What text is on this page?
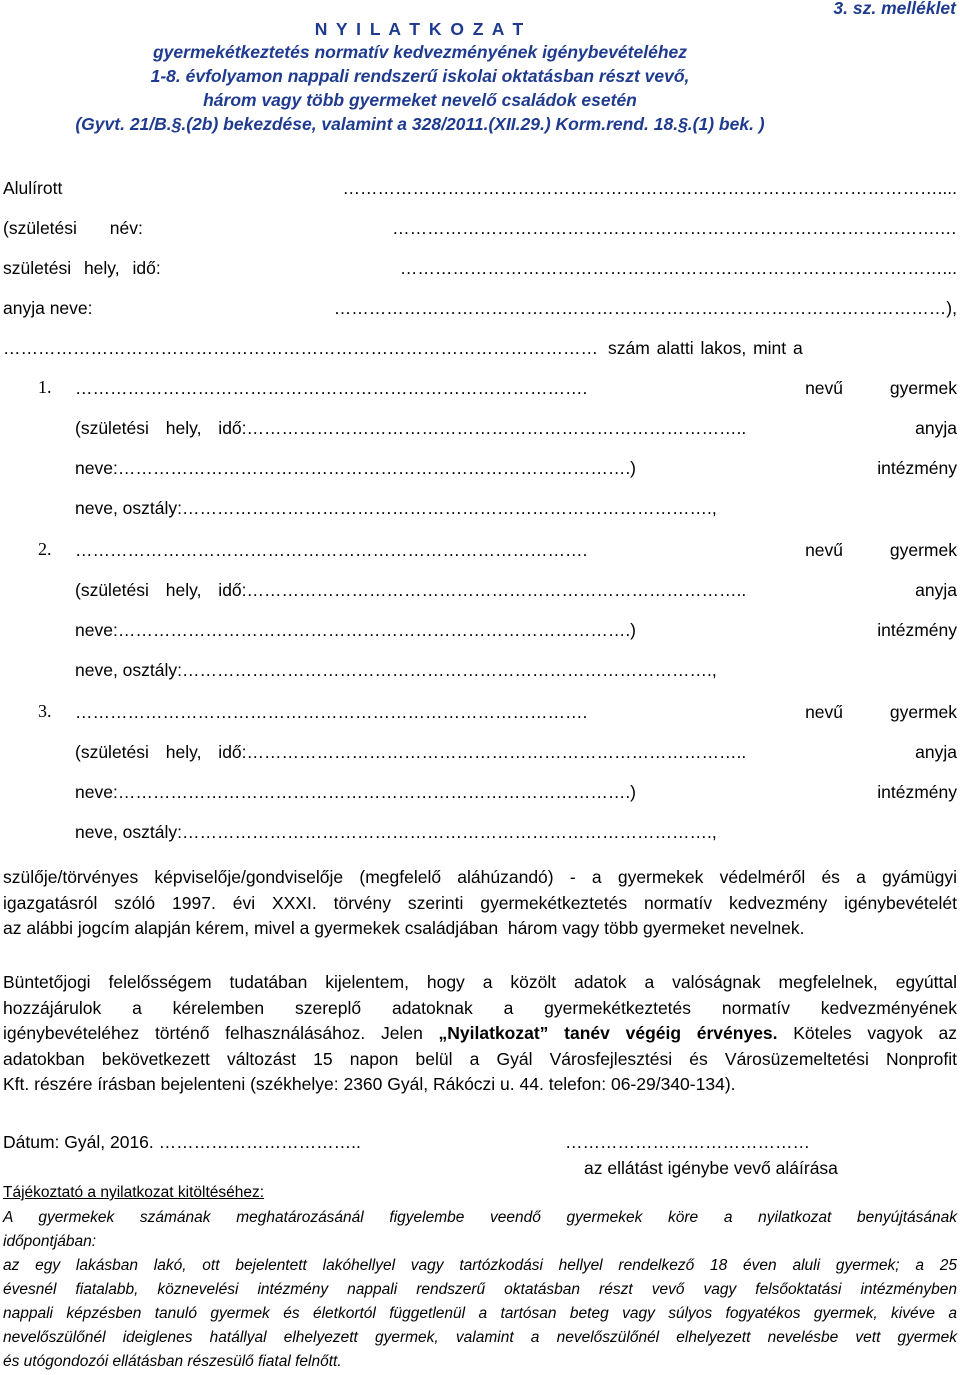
3. sz. melléklet
N Y I L A T K O Z A T
gyermekétkeztetés normatív kedvezményének igénybevételéhez
1-8. évfolyamon nappali rendszerű iskolai oktatásban részt vevő,
három vagy több gyermeket nevelő családok esetén
(Gyvt. 21/B.§.(2b) bekezdése, valamint a 328/2011.(XII.29.) Korm.rend. 18.§.(1) bek. )
Alulírott	…………………………………………………………………………………………....
(születési név:	………………………………………………………………………………….…
születési hely, idő:	…………………………………………………………………………………...
anyja neve:	……………………………………………………………………………………………),
………………………………………………………………………………………… szám alatti lakos, mint a
1. …………………………………………………………………………….	nevű gyermek
(születési hely, idő:…………………………………………………………………………..	anyja
neve:…………………………………………………………………………….)	intézmény
neve, osztály: ……………………………………………………………………………….,
2. …………………………………………………………………………….	nevű gyermek
(születési hely, idő:…………………………………………………………………………..	anyja
neve:…………………………………………………………………………….)	intézmény
neve, osztály: ……………………………………………………………………………….,
3. …………………………………………………………………………….	nevű gyermek
(születési hely, idő:…………………………………………………………………………..	anyja
neve:…………………………………………………………………………….)	intézmény
neve, osztály: ……………………………………………………………………………….,
szülője/törvényes képviselője/gondviselője (megfelelő aláhúzandó) - a gyermekek védelméről és a gyámügyi
igazgatásról szóló 1997. évi XXXI. törvény szerinti gyermekétkeztetés normatív kedvezmény igénybevételét
az alábbi jogcím alapján kérem, mivel a gyermekek családjában  három vagy több gyermeket nevelnek.
Büntetőjogi felelősségem tudatában kijelentem, hogy a közölt adatok a valóságnak megfelelnek, egyúttal
hozzájárulok a kérelemben szereplő adatoknak a gyermekétkeztetés normatív kedvezményének
igénybevételéhez történő felhasználásához. Jelen „Nyilatkozat” tanév végéig érvényes. Köteles vagyok az
adatokban bekövetkezett változást 15 napon belül a Gyál Városfejlesztési és Városüzemeltetési Nonprofit
Kft. részére írásban bejelenteni (székhelye: 2360 Gyál, Rákóczi u. 44. telefon: 06-29/340-134).
Dátum: Gyál, 2016. ……………………………..	……………………………………
az ellátást igénybe vevő aláírása
Tájékoztató a nyilatkozat kitöltéséhez:
A gyermekek számának meghatározásánál figyelembe veendő gyermekek köre a nyilatkozat benyújtásának
időpontjában:
az egy lakásban lakó, ott bejelentett lakóhellyel vagy tartózkodási hellyel rendelkező 18 éven aluli gyermek; a 25
évesnél fiatalabb, köznevelési intézmény nappali rendszerű oktatásban részt vevő vagy felsőoktatási intézményben
nappali képzésben tanuló gyermek és életkortól függetlenül a tartósan beteg vagy súlyos fogyatékos gyermek, kivéve a
nevelőszülőnél ideiglenes hatállyal elhelyezett gyermek, valamint a nevelőszülőnél elhelyezett nevelésbe vett gyermek
és utógondozói ellátásban részesülő fiatal felnőtt.
